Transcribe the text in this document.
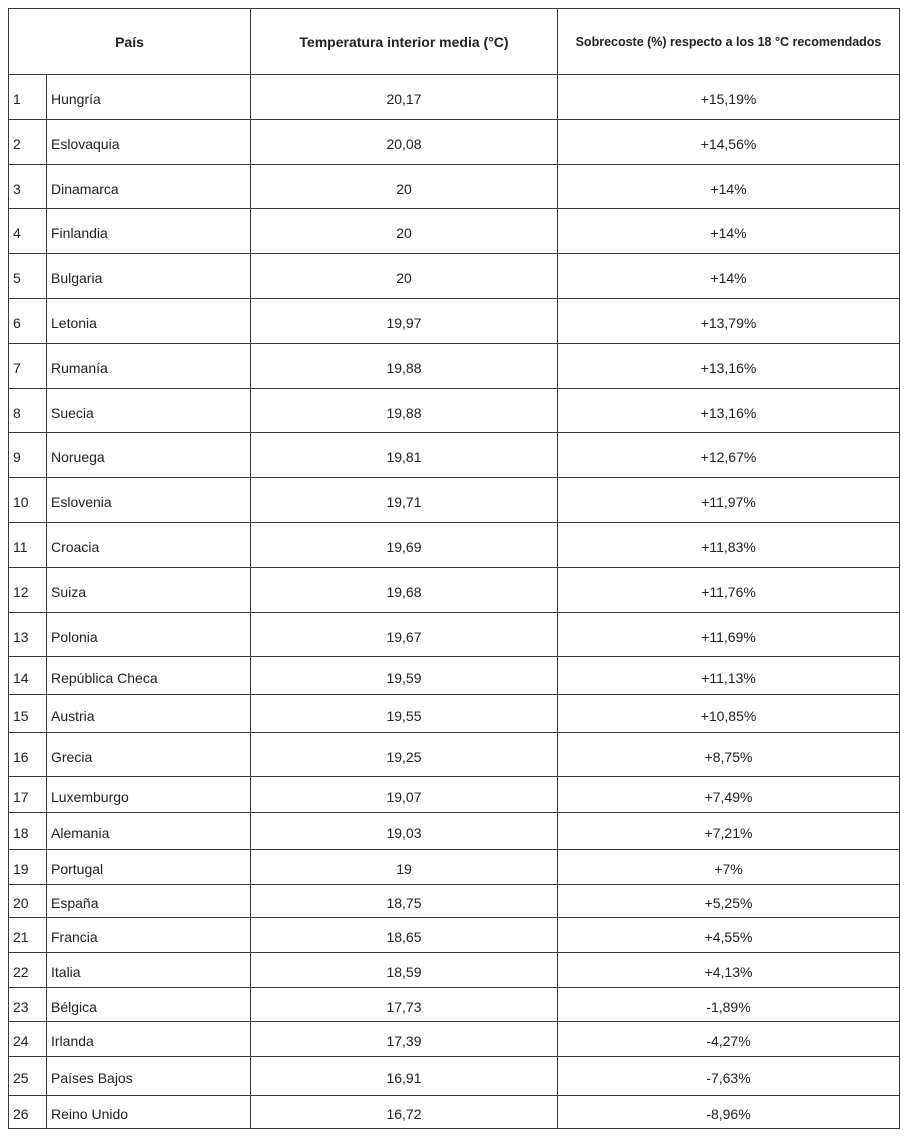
País		Temperatura interior media (°C)	Sobrecoste (%) respecto a los 18 °C recomendados
1	Hungría	20,17	+15,19%
2	Eslovaquia	20,08	+14,56%
3	Dinamarca	20	+14%
4	Finlandia	20	+14%
5	Bulgaria	20	+14%
6	Letonia	19,97	+13,79%
7	Rumanía	19,88	+13,16%
8	Suecia	19,88	+13,16%
9	Noruega	19,81	+12,67%
10	Eslovenia	19,71	+11,97%
11	Croacia	19,69	+11,83%
12	Suiza	19,68	+11,76%
13	Polonia	19,67	+11,69%
14	República Checa	19,59	+11,13%
15	Austria	19,55	+10,85%
16	Grecia	19,25	+8,75%
17	Luxemburgo	19,07	+7,49%
18	Alemania	19,03	+7,21%
19	Portugal	19	+7%
20	España	18,75	+5,25%
21	Francia	18,65	+4,55%
22	Italia	18,59	+4,13%
23	Bélgica	17,73	-1,89%
24	Irlanda	17,39	-4,27%
25	Países Bajos	16,91	-7,63%
26	Reino Unido	16,72	-8,96%
